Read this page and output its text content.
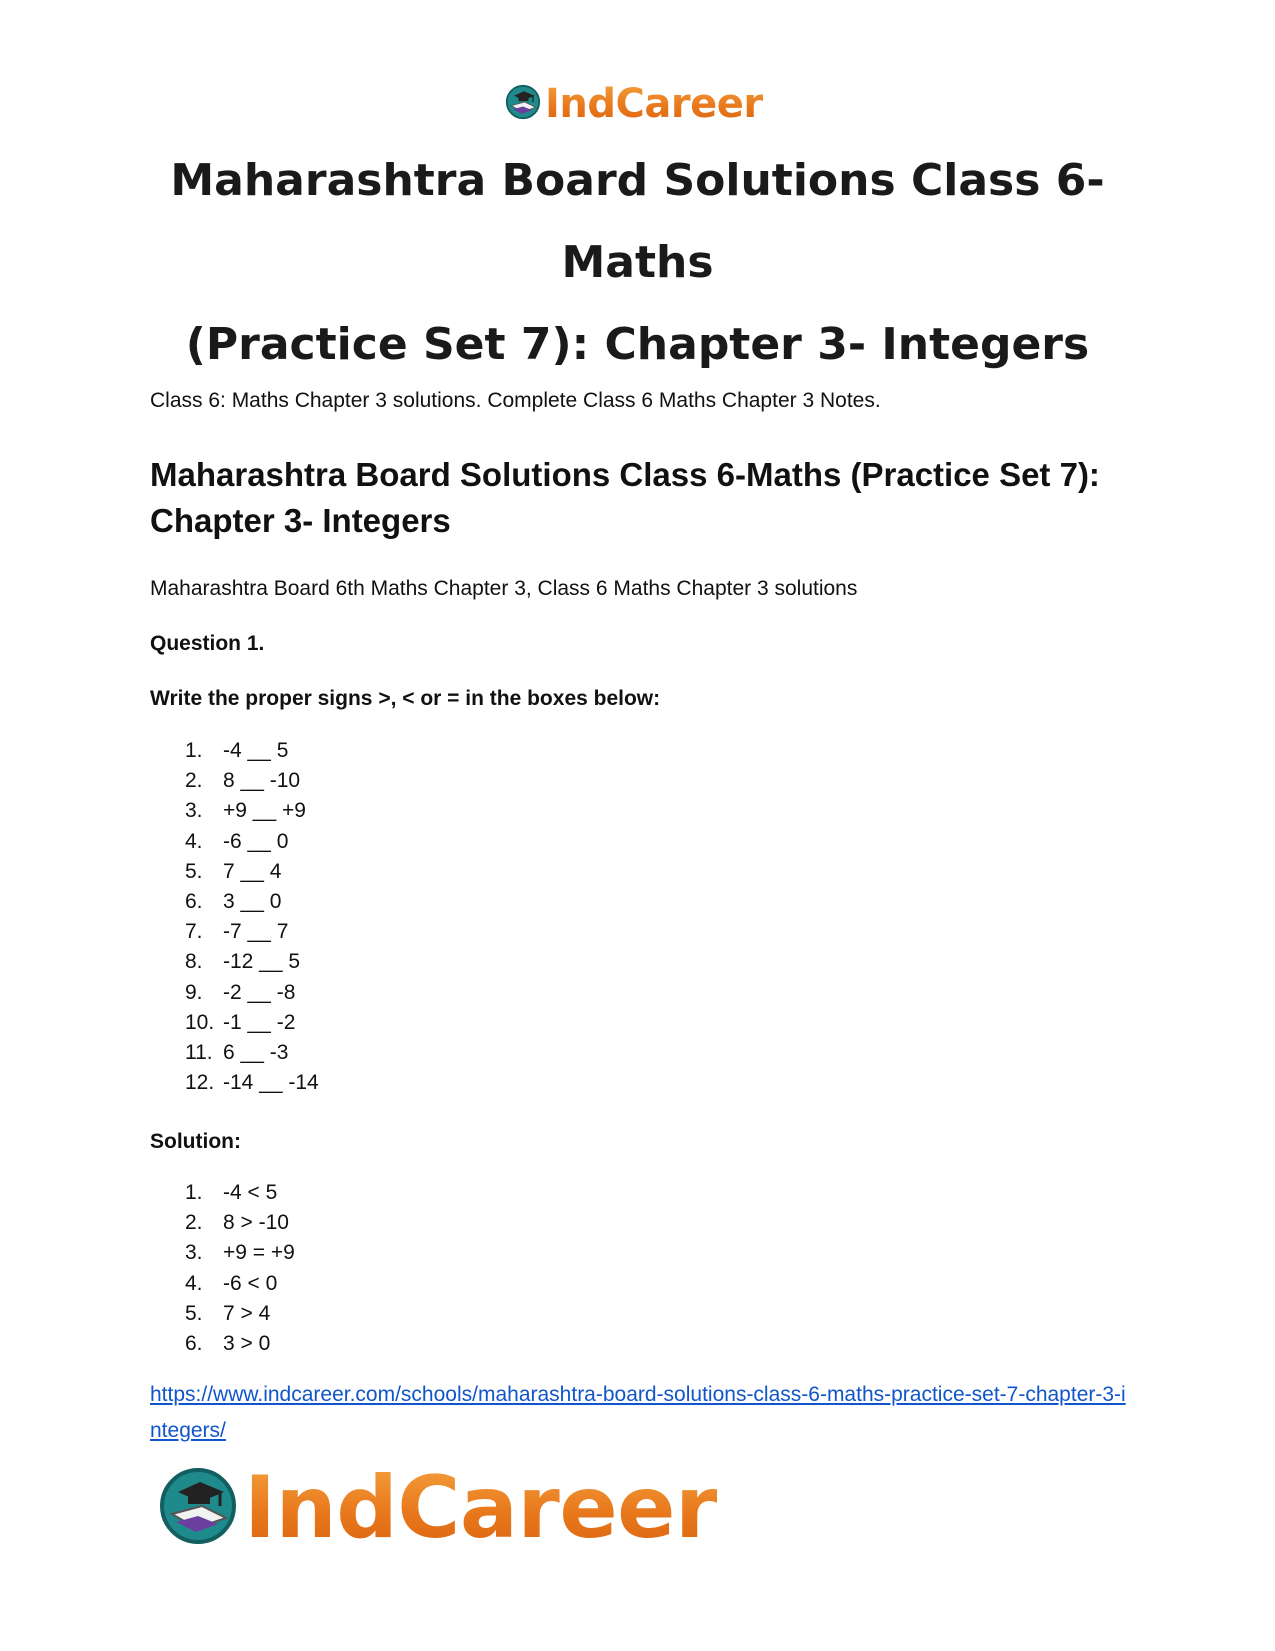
IndCareer
Maharashtra Board Solutions Class 6-Maths
(Practice Set 7): Chapter 3- Integers

Class 6: Maths Chapter 3 solutions. Complete Class 6 Maths Chapter 3 Notes.

Maharashtra Board Solutions Class 6-Maths (Practice Set 7): Chapter 3- Integers

Maharashtra Board 6th Maths Chapter 3, Class 6 Maths Chapter 3 solutions

Question 1.

Write the proper signs >, < or = in the boxes below:

1. -4 __ 5
2. 8 __ -10
3. +9 __ +9
4. -6 __ 0
5. 7 __ 4
6. 3 __ 0
7. -7 __ 7
8. -12 __ 5
9. -2 __ -8
10. -1 __ -2
11. 6 __ -3
12. -14 __ -14

Solution:

1. -4 < 5
2. 8 > -10
3. +9 = +9
4. -6 < 0
5. 7 > 4
6. 3 > 0
https://www.indcareer.com/schools/maharashtra-board-solutions-class-6-maths-practice-set-7-chapter-3-integers/
IndCareer
